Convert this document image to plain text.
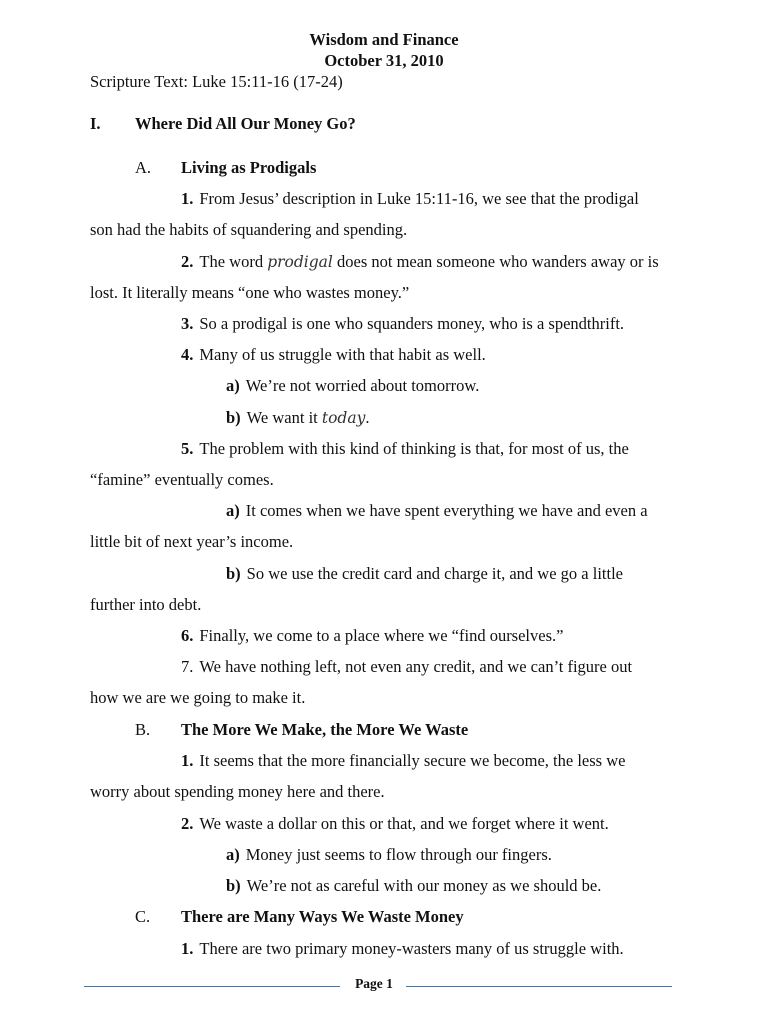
Wisdom and Finance
October 31, 2010
Scripture Text: Luke 15:11-16 (17-24)
I. Where Did All Our Money Go?
A. Living as Prodigals
1. From Jesus’ description in Luke 15:11-16, we see that the prodigal
son had the habits of squandering and spending.
2. The word prodigal does not mean someone who wanders away or is
lost. It literally means “one who wastes money.”
3. So a prodigal is one who squanders money, who is a spendthrift.
4. Many of us struggle with that habit as well.
a) We’re not worried about tomorrow.
b) We want it today.
5. The problem with this kind of thinking is that, for most of us, the
“famine” eventually comes.
a) It comes when we have spent everything we have and even a
little bit of next year’s income.
b) So we use the credit card and charge it, and we go a little
further into debt.
6. Finally, we come to a place where we “find ourselves.”
7. We have nothing left, not even any credit, and we can’t figure out
how we are we going to make it.
B. The More We Make, the More We Waste
1. It seems that the more financially secure we become, the less we
worry about spending money here and there.
2. We waste a dollar on this or that, and we forget where it went.
a) Money just seems to flow through our fingers.
b) We’re not as careful with our money as we should be.
C. There are Many Ways We Waste Money
1. There are two primary money-wasters many of us struggle with.
Page 1
